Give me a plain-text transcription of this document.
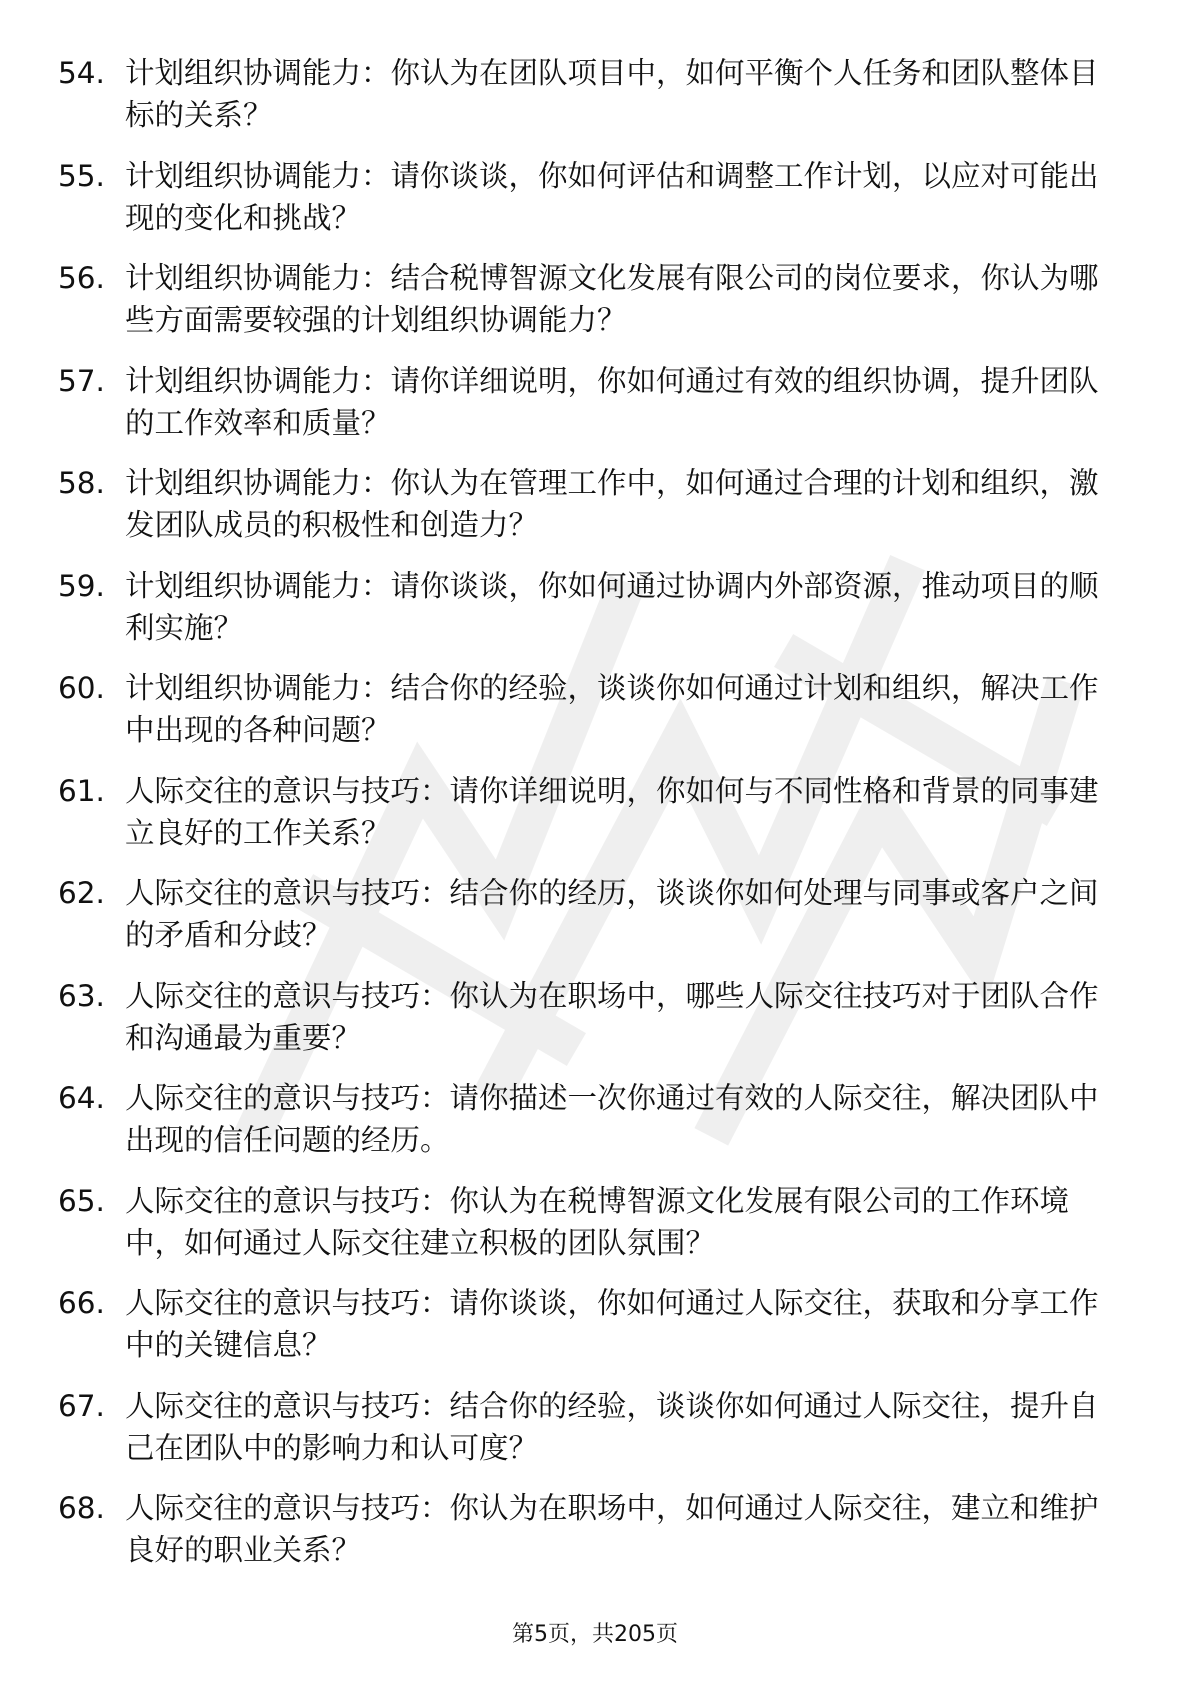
54. 计划组织协调能力：你认为在团队项目中，如何平衡个人任务和团队整体目标的关系？
55. 计划组织协调能力：请你谈谈，你如何评估和调整工作计划，以应对可能出现的变化和挑战？
56. 计划组织协调能力：结合税博智源文化发展有限公司的岗位要求，你认为哪些方面需要较强的计划组织协调能力？
57. 计划组织协调能力：请你详细说明，你如何通过有效的组织协调，提升团队的工作效率和质量？
58. 计划组织协调能力：你认为在管理工作中，如何通过合理的计划和组织，激发团队成员的积极性和创造力？
59. 计划组织协调能力：请你谈谈，你如何通过协调内外部资源，推动项目的顺利实施？
60. 计划组织协调能力：结合你的经验，谈谈你如何通过计划和组织，解决工作中出现的各种问题？
61. 人际交往的意识与技巧：请你详细说明，你如何与不同性格和背景的同事建立良好的工作关系？
62. 人际交往的意识与技巧：结合你的经历，谈谈你如何处理与同事或客户之间的矛盾和分歧？
63. 人际交往的意识与技巧：你认为在职场中，哪些人际交往技巧对于团队合作和沟通最为重要？
64. 人际交往的意识与技巧：请你描述一次你通过有效的人际交往，解决团队中出现的信任问题的经历。
65. 人际交往的意识与技巧：你认为在税博智源文化发展有限公司的工作环境中，如何通过人际交往建立积极的团队氛围？
66. 人际交往的意识与技巧：请你谈谈，你如何通过人际交往，获取和分享工作中的关键信息？
67. 人际交往的意识与技巧：结合你的经验，谈谈你如何通过人际交往，提升自己在团队中的影响力和认可度？
68. 人际交往的意识与技巧：你认为在职场中，如何通过人际交往，建立和维护良好的职业关系？
第5页，共205页
